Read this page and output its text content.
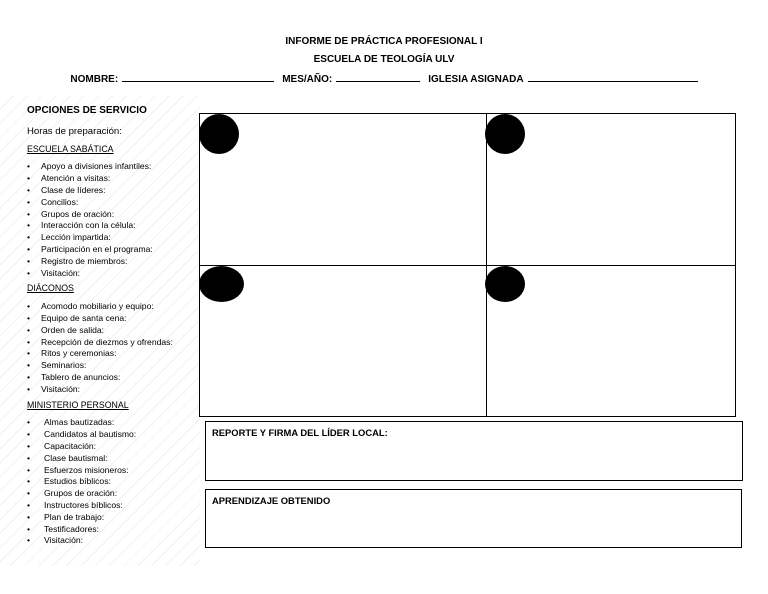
INFORME DE PRÁCTICA PROFESIONAL I
ESCUELA DE TEOLOGÍA ULV
NOMBRE:	MES/AÑO:	IGLESIA ASIGNADA
OPCIONES DE SERVICIO
Horas de preparación:
ESCUELA SABÁTICA
• Apoyo a divisiones infantiles:
• Atención a visitas:
• Clase de líderes:
• Concilios:
• Grupos de oración:
• Interacción con la célula:
• Lección impartida:
• Participación en el programa:
• Registro de miembros:
• Visitación:
DIÁCONOS
• Acomodo mobiliario y equipo:
• Equipo de santa cena:
• Orden de salida:
• Recepción de diezmos y ofrendas:
• Ritos y ceremonias:
• Seminarios:
• Tablero de anuncios:
• Visitación:
MINISTERIO PERSONAL
• Almas bautizadas:
• Candidatos al bautismo:
• Capacitación:
• Clase bautismal:
• Esfuerzos misioneros:
• Estudios bíblicos:
• Grupos de oración:
• Instructores bíblicos:
• Plan de trabajo:
• Testificadores:
• Visitación:
REPORTE Y FIRMA DEL LÍDER LOCAL:
APRENDIZAJE OBTENIDO
